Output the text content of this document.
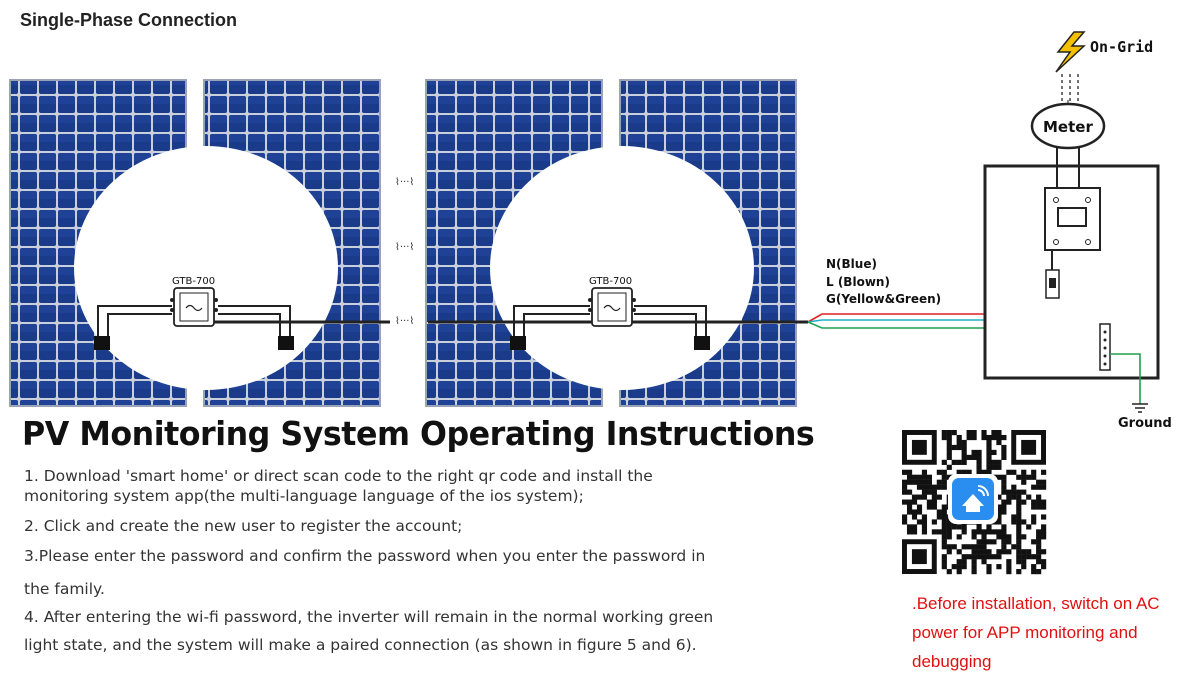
⌇···⌇
⌇···⌇
⌇···⌇
GTB-700	GTB-700
N(Blue)
L (Blown)
G(Yellow&Green)
Meter
On-Grid
Ground
Single-Phase Connection
PV Monitoring System Operating Instructions
1. Download 'smart home' or direct scan code to the right qr code and install the
monitoring system app(the multi-language language of the ios system);
2. Click and create the new user to register the account;
3.Please enter the password and confirm the password when you enter the password in
the family.
4. After entering the wi-fi password, the inverter will remain in the normal working green
light state, and the system will make a paired connection (as shown in figure 5 and 6).
.Before installation, switch on AC power for APP monitoring and debugging
